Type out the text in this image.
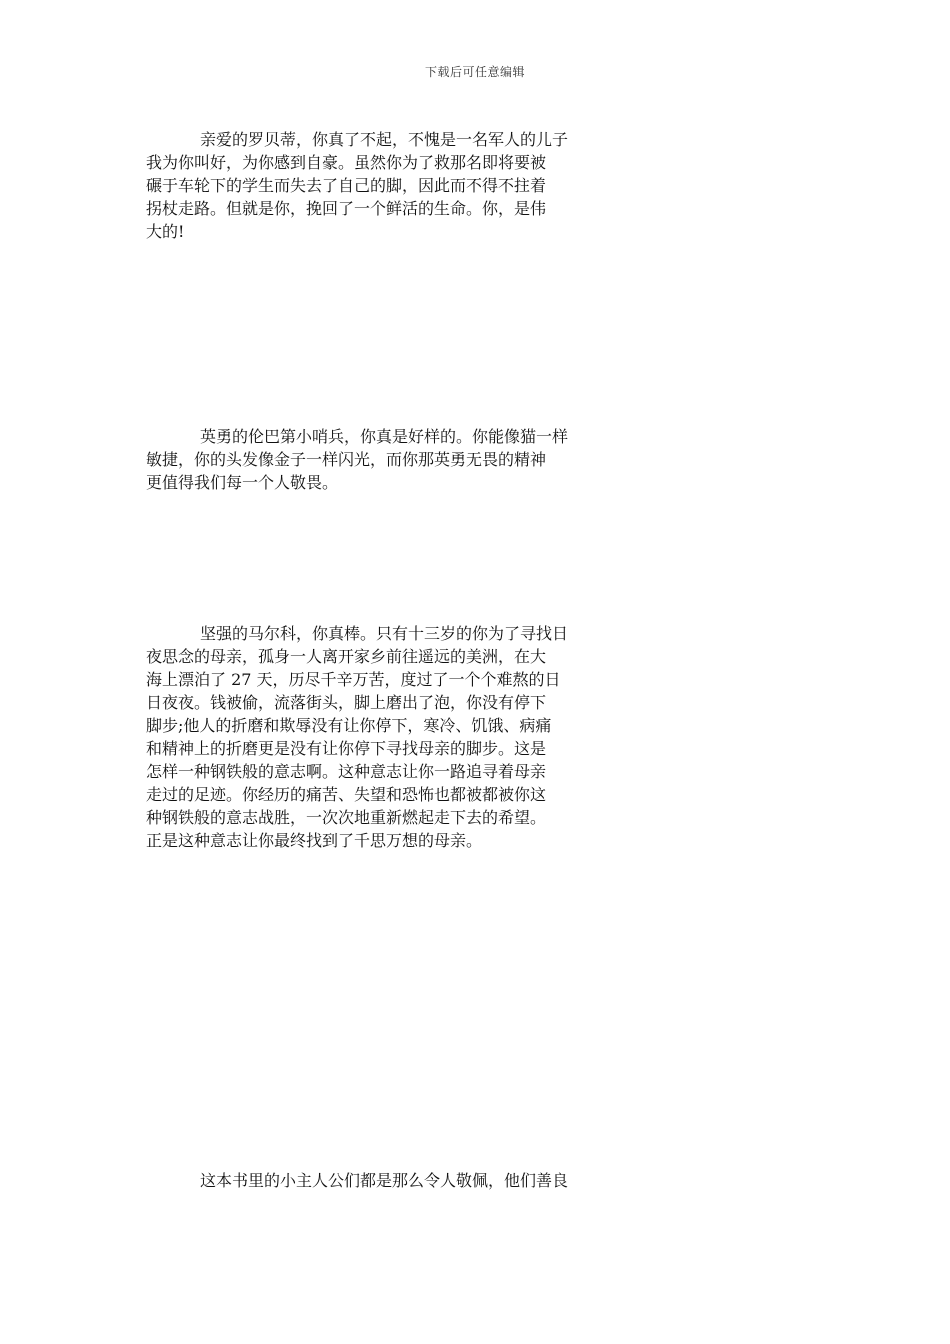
下载后可任意编辑
亲爱的罗贝蒂，你真了不起，不愧是一名军人的儿子
我为你叫好，为你感到自豪。虽然你为了救那名即将要被
碾于车轮下的学生而失去了自己的脚，因此而不得不拄着
拐杖走路。但就是你，挽回了一个鲜活的生命。你，是伟
大的!
英勇的伦巴第小哨兵，你真是好样的。你能像猫一样
敏捷，你的头发像金子一样闪光，而你那英勇无畏的精神
更值得我们每一个人敬畏。
坚强的马尔科，你真棒。只有十三岁的你为了寻找日
夜思念的母亲，孤身一人离开家乡前往遥远的美洲，在大
海上漂泊了 27 天，历尽千辛万苦，度过了一个个难熬的日
日夜夜。钱被偷，流落街头，脚上磨出了泡，你没有停下
脚步;他人的折磨和欺辱没有让你停下，寒冷、饥饿、病痛
和精神上的折磨更是没有让你停下寻找母亲的脚步。这是
怎样一种钢铁般的意志啊。这种意志让你一路追寻着母亲
走过的足迹。你经历的痛苦、失望和恐怖也都被都被你这
种钢铁般的意志战胜，一次次地重新燃起走下去的希望。
正是这种意志让你最终找到了千思万想的母亲。
这本书里的小主人公们都是那么令人敬佩，他们善良
